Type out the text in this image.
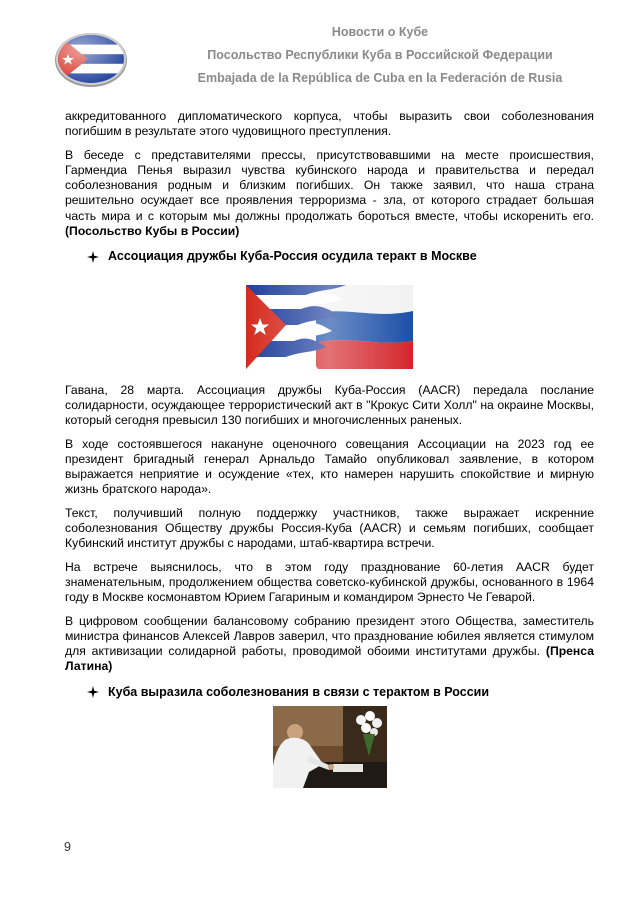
Новости о Кубе
Посольство Республики Куба в Российской Федерации
Embajada de la República de Cuba en la Federación de Rusia

аккредитованного дипломатического корпуса, чтобы выразить свои соболезнования погибшим в результате этого чудовищного преступления.

В беседе с представителями прессы, присутствовавшими на месте происшествия, Гармендиа Пенья выразил чувства кубинского народа и правительства и передал соболезнования родным и близким погибших. Он также заявил, что наша страна решительно осуждает все проявления терроризма - зла, от которого страдает большая часть мира и с которым мы должны продолжать бороться вместе, чтобы искоренить его. (Посольство Кубы в России)

Ассоциация дружбы Куба-Россия осудила теракт в Москве

Гавана, 28 марта. Ассоциация дружбы Куба-Россия (AACR) передала послание солидарности, осуждающее террористический акт в "Крокус Сити Холл" на окраине Москвы, который сегодня превысил 130 погибших и многочисленных раненых.

В ходе состоявшегося накануне оценочного совещания Ассоциации на 2023 год ее президент бригадный генерал Арнальдо Тамайо опубликовал заявление, в котором выражается неприятие и осуждение «тех, кто намерен нарушить спокойствие и мирную жизнь братского народа».

Текст, получивший полную поддержку участников, также выражает искренние соболезнования Обществу дружбы Россия-Куба (AACR) и семьям погибших, сообщает Кубинский институт дружбы с народами, штаб-квартира встречи.

На встрече выяснилось, что в этом году празднование 60-летия AACR будет знаменательным, продолжением общества советско-кубинской дружбы, основанного в 1964 году в Москве космонавтом Юрием Гагариным и командиром Эрнесто Че Геварой.

В цифровом сообщении балансовому собранию президент этого Общества, заместитель министра финансов Алексей Лавров заверил, что празднование юбилея является стимулом для активизации солидарной работы, проводимой обоими институтами дружбы. (Пренса Латина)

Куба выразила соболезнования в связи с терактом в России
9
